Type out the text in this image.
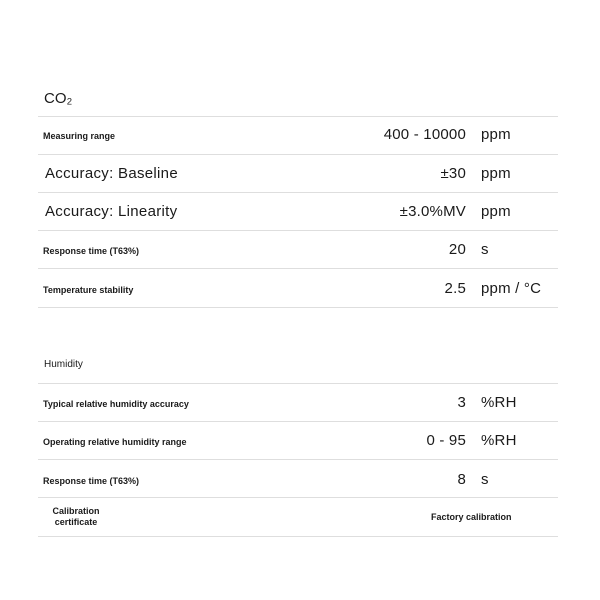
CO₂
Measuring range	400 - 10000 ppm
Accuracy: Baseline	±30 ppm
Accuracy: Linearity	±3.0%MV ppm
Response time (T63%)	20 s
Temperature stability	2.5 ppm / °C
Humidity
Typical relative humidity accuracy	3 %RH
Operating relative humidity range	0 - 95 %RH
Response time (T63%)	8 s
Calibration
certificate	Factory calibration
